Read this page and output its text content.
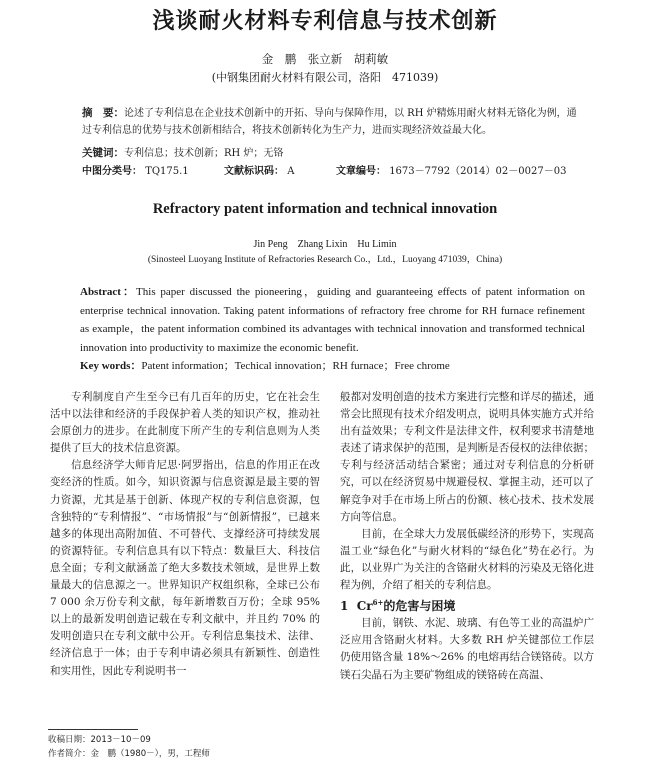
浅谈耐火材料专利信息与技术创新
金　鹏　张立新　胡莉敏
(中钢集团耐火材料有限公司，洛阳　471039)
摘　要：论述了专利信息在企业技术创新中的开拓、导向与保障作用，以 RH 炉精炼用耐火材料无铬化为例，通过专利信息的优势与技术创新相结合，将技术创新转化为生产力，进而实现经济效益最大化。
关键词：专利信息；技术创新；RH 炉；无铬
中图分类号： TQ175.1	文献标识码： A	文章编号： 1673－7792（2014）02－0027－03
Refractory patent information and technical innovation
Jin Peng　Zhang Lixin　Hu Limin
(Sinosteel Luoyang Institute of Refractories Research Co.，Ltd.，Luoyang 471039，China)
Abstract：This paper discussed the pioneering，guiding and guaranteeing effects of patent information on enterprise technical innovation. Taking patent informations of refractory free chrome for RH furnace refinement as example，the patent information combined its advantages with technical innovation and transformed technical innovation into productivity to maximize the economic benefit.
Key words：Patent information；Techical innovation；RH furnace；Free chrome

专利制度自产生至今已有几百年的历史，它在社会生活中以法律和经济的手段保护着人类的知识产权，推动社会原创力的进步。在此制度下所产生的专利信息则为人类提供了巨大的技术信息资源。

信息经济学大师肯尼思·阿罗指出，信息的作用正在改变经济的性质。如今，知识资源与信息资源是最主要的智力资源，尤其是基于创新、体现产权的专利信息资源，包含独特的“专利情报”、“市场情报”与“创新情报”，已越来越多的体现出高附加值、不可替代、支撑经济可持续发展的资源特征。专利信息具有以下特点：数量巨大、科技信息全面；专利文献涵盖了绝大多数技术领域，是世界上数量最大的信息源之一。世界知识产权组织称，全球已公布 7 000 余万份专利文献，每年新增数百万份；全球 95% 以上的最新发明创造记载在专利文献中，并且约 70% 的发明创造只在专利文献中公开。专利信息集技术、法律、经济信息于一体；由于专利申请必须具有新颖性、创造性和实用性，因此专利说明书一

般都对发明创造的技术方案进行完整和详尽的描述，通常会比照现有技术介绍发明点，说明具体实施方式并给出有益效果；专利文件是法律文件，权利要求书清楚地表述了请求保护的范围，是判断是否侵权的法律依据；专利与经济活动结合紧密；通过对专利信息的分析研究，可以在经济贸易中规避侵权、掌握主动，还可以了解竞争对手在市场上所占的份额、核心技术、技术发展方向等信息。

目前，在全球大力发展低碳经济的形势下，实现高温工业“绿色化”与耐火材料的“绿色化”势在必行。为此，以业界广为关注的含铬耐火材料的污染及无铬化进程为例，介绍了相关的专利信息。

1 $Cr^{6+}$的危害与困境

目前，钢铁、水泥、玻璃、有色等工业的高温炉广泛应用含铬耐火材料。大多数 RH 炉关键部位工作层仍使用铬含量 18%～26% 的电熔再结合镁铬砖。以方镁石尖晶石为主要矿物组成的镁铬砖在高温、

收稿日期：2013－10－09
作者简介：金　鹏（1980－），男，工程师
